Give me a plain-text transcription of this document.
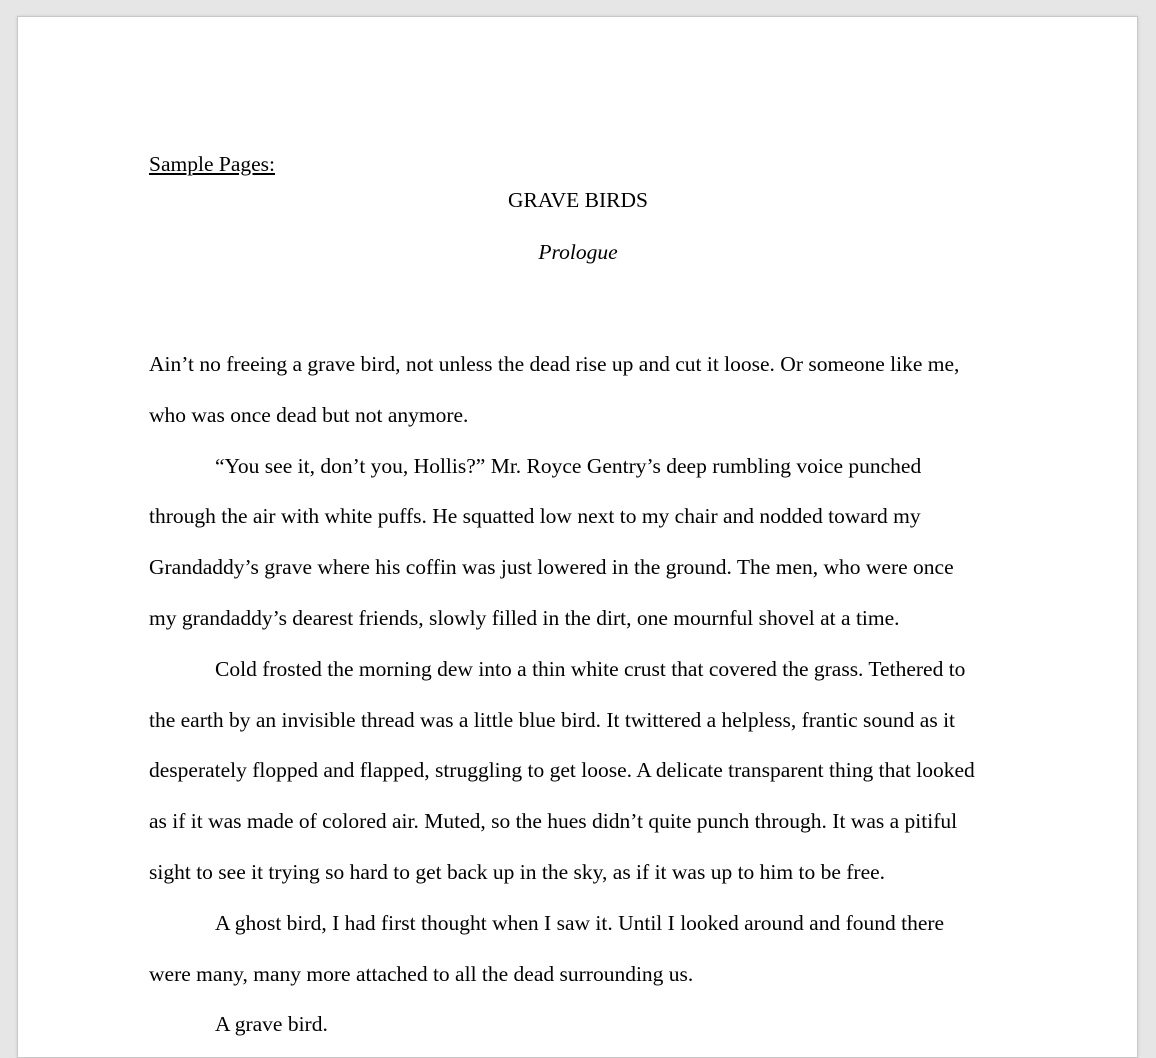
Sample Pages:
GRAVE BIRDS
Prologue

Ain’t no freeing a grave bird, not unless the dead rise up and cut it loose. Or someone like me,
who was once dead but not anymore.

“You see it, don’t you, Hollis?” Mr. Royce Gentry’s deep rumbling voice punched
through the air with white puffs. He squatted low next to my chair and nodded toward my
Grandaddy’s grave where his coffin was just lowered in the ground. The men, who were once
my grandaddy’s dearest friends, slowly filled in the dirt, one mournful shovel at a time.

Cold frosted the morning dew into a thin white crust that covered the grass. Tethered to
the earth by an invisible thread was a little blue bird. It twittered a helpless, frantic sound as it
desperately flopped and flapped, struggling to get loose. A delicate transparent thing that looked
as if it was made of colored air. Muted, so the hues didn’t quite punch through. It was a pitiful
sight to see it trying so hard to get back up in the sky, as if it was up to him to be free.

A ghost bird, I had first thought when I saw it. Until I looked around and found there
were many, many more attached to all the dead surrounding us.

A grave bird.
